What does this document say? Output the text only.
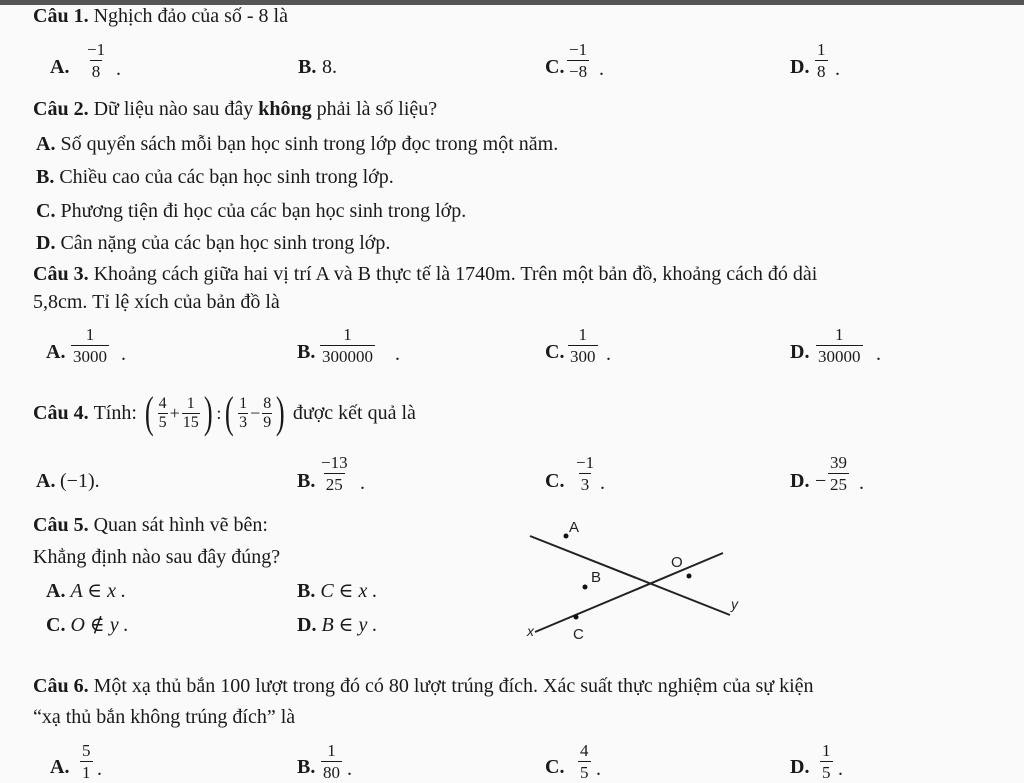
Câu 1. Nghịch đảo của số - 8 là
A. $\frac{-1}{8}$ .	B. 8.	C. $\frac{-1}{-8}$ .	D. $\frac{1}{8}$ .
Câu 2. Dữ liệu nào sau đây không phải là số liệu?
A. Số quyển sách mỗi bạn học sinh trong lớp đọc trong một năm.
B. Chiều cao của các bạn học sinh trong lớp.
C. Phương tiện đi học của các bạn học sinh trong lớp.
D. Cân nặng của các bạn học sinh trong lớp.
Câu 3. Khoảng cách giữa hai vị trí A và B thực tế là 1740m. Trên một bản đồ, khoảng cách đó dài
5,8cm. Tỉ lệ xích của bản đồ là
A. $\frac{1}{3000}$ .	B. $\frac{1}{300000}$ .	C. $\frac{1}{300}$ .	D. $\frac{1}{30000}$ .
Câu 4.
Tính:
( $\frac{4}{5} + \frac{1}{15}$ ) : ( $\frac{1}{3} - \frac{8}{9}$ )
được kết quả là
A. (−1).	B. $\frac{-13}{25}$ .	C. $\frac{-1}{3}$ .	D. − $\frac{39}{25}$ .
Câu 5. Quan sát hình vẽ bên:
Khẳng định nào sau đây đúng?
A. A ∈ x .	B. C ∈ x .
C. O ∉ y .	D. B ∈ y .
A
B
C
O
x
y
Câu 6. Một xạ thủ bắn 100 lượt trong đó có 80 lượt trúng đích. Xác suất thực nghiệm của sự kiện
“xạ thủ bắn không trúng đích” là
A. $\frac{5}{1}$ .	B. $\frac{1}{80}$ .	C. $\frac{4}{5}$ .	D. $\frac{1}{5}$ .
